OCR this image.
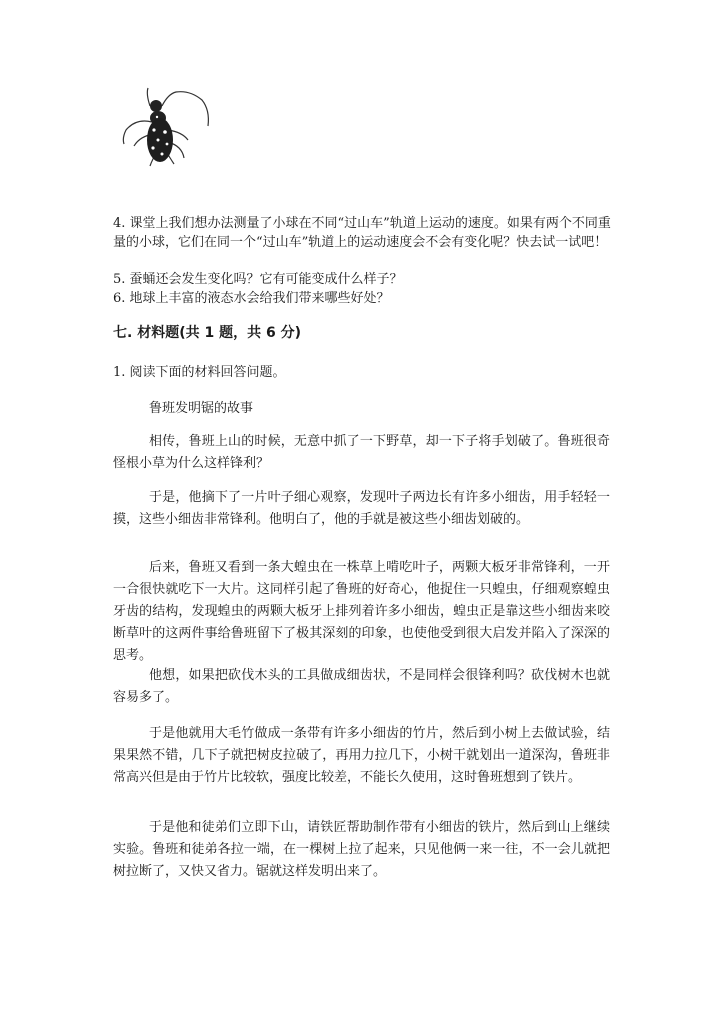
4. 课堂上我们想办法测量了小球在不同“过山车”轨道上运动的速度。如果有两个不同重量的小球，它们在同一个“过山车”轨道上的运动速度会不会有变化呢？快去试一试吧！
5. 蚕蛹还会发生变化吗？它有可能变成什么样子？
6. 地球上丰富的液态水会给我们带来哪些好处？
七. 材料题(共 1 题，共 6 分)
1. 阅读下面的材料回答问题。
鲁班发明锯的故事
相传，鲁班上山的时候，无意中抓了一下野草，却一下子将手划破了。鲁班很奇怪根小草为什么这样锋利？
于是，他摘下了一片叶子细心观察，发现叶子两边长有许多小细齿，用手轻轻一摸，这些小细齿非常锋利。他明白了，他的手就是被这些小细齿划破的。
后来，鲁班又看到一条大蝗虫在一株草上啃吃叶子，两颗大板牙非常锋利，一开一合很快就吃下一大片。这同样引起了鲁班的好奇心，他捉住一只蝗虫，仔细观察蝗虫牙齿的结构，发现蝗虫的两颗大板牙上排列着许多小细齿，蝗虫正是靠这些小细齿来咬断草叶的这两件事给鲁班留下了极其深刻的印象，也使他受到很大启发并陷入了深深的思考。
他想，如果把砍伐木头的工具做成细齿状，不是同样会很锋利吗？砍伐树木也就容易多了。
于是他就用大毛竹做成一条带有许多小细齿的竹片，然后到小树上去做试验，结果果然不错，几下子就把树皮拉破了，再用力拉几下，小树干就划出一道深沟，鲁班非常高兴但是由于竹片比较软，强度比较差，不能长久使用，这时鲁班想到了铁片。
于是他和徒弟们立即下山，请铁匠帮助制作带有小细齿的铁片，然后到山上继续实验。鲁班和徒弟各拉一端，在一棵树上拉了起来，只见他俩一来一往，不一会儿就把树拉断了，又快又省力。锯就这样发明出来了。
